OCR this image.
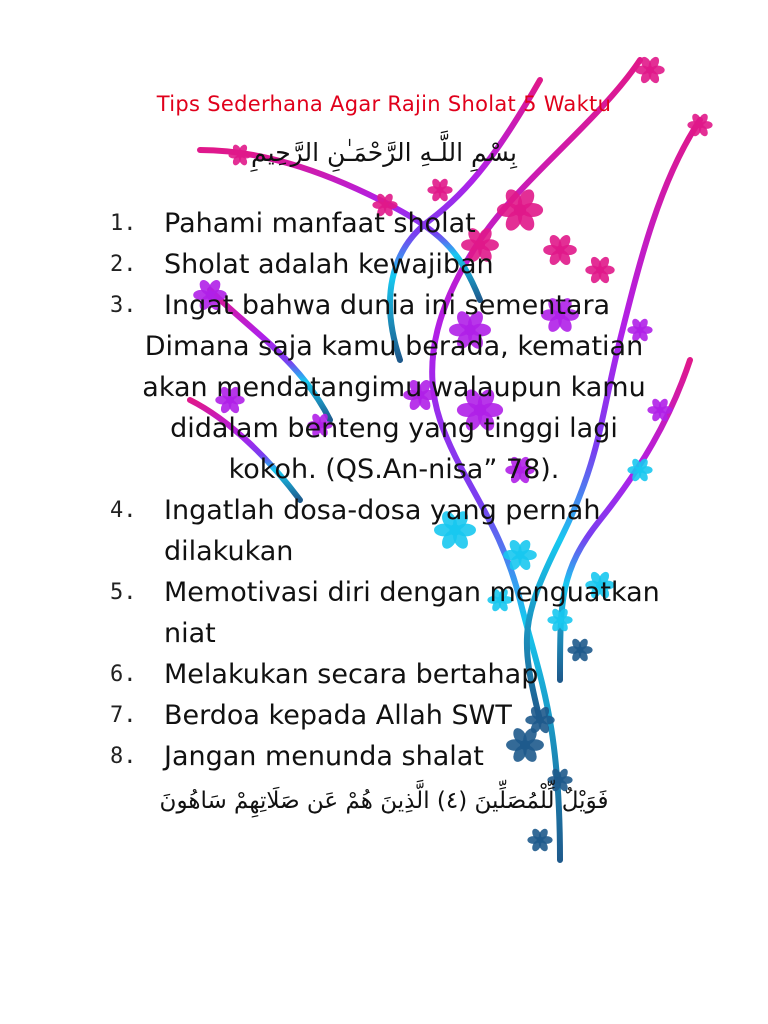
Tips Sederhana Agar Rajin Sholat 5 Waktu
بِسْمِ اللَّـهِ الرَّحْمَـٰنِ الرَّحِيمِ
1.	Pahami manfaat sholat
2.	Sholat adalah kewajiban
3.	Ingat bahwa dunia ini sementara
Dimana saja kamu berada, kematian akan mendatangimu walaupun kamu didalam benteng yang tinggi lagi kokoh. (QS.An-nisa” 78).
4.	Ingatlah dosa-dosa yang pernah dilakukan
5.	Memotivasi diri dengan menguatkan niat
6.	Melakukan secara bertahap
7.	Berdoa kepada Allah SWT
8.	Jangan menunda shalat
فَوَيْلٌ لِّلْمُصَلِّينَ (٤) الَّذِينَ هُمْ عَن صَلَاتِهِمْ سَاهُونَ
